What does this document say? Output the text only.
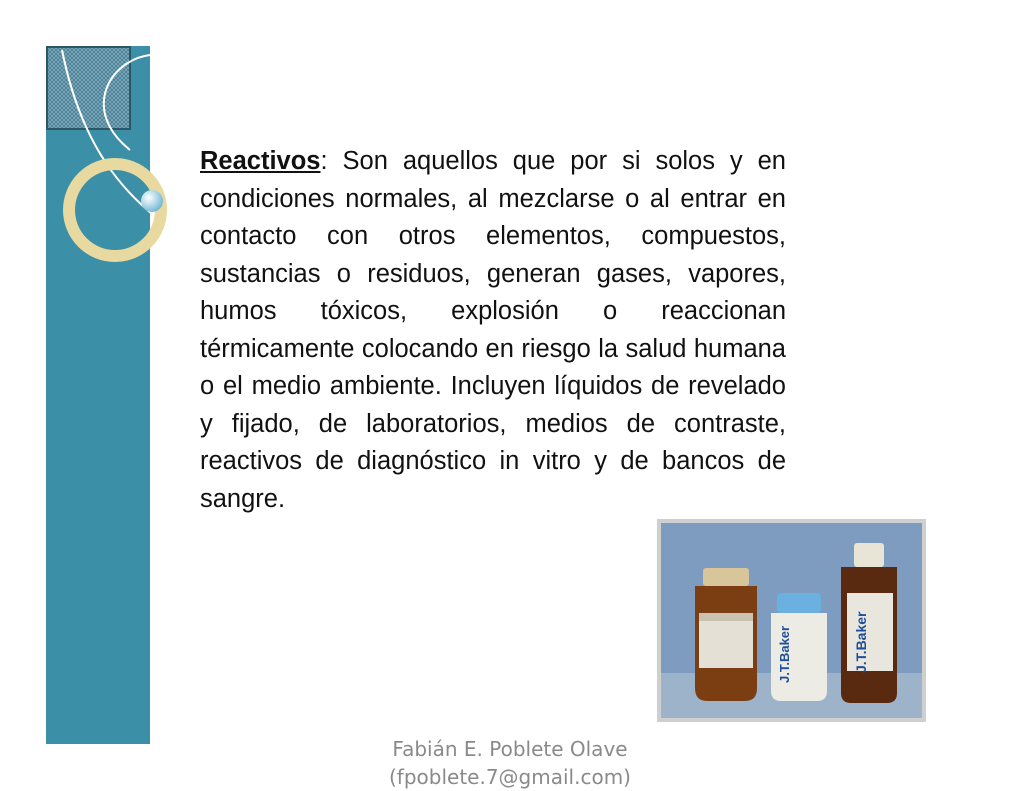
Reactivos: Son aquellos que por si solos y en condiciones normales, al mezclarse o al entrar en contacto con otros elementos, compuestos, sustancias o residuos, generan gases, vapores, humos tóxicos, explosión o reaccionan térmicamente colocando en riesgo la salud humana o el medio ambiente. Incluyen líquidos de revelado y fijado, de laboratorios, medios de contraste, reactivos de diagnóstico in vitro y de bancos de sangre.

J.T.Baker	J.T.Baker
Fabián E. Poblete Olave
(fpoblete.7@gmail.com)
